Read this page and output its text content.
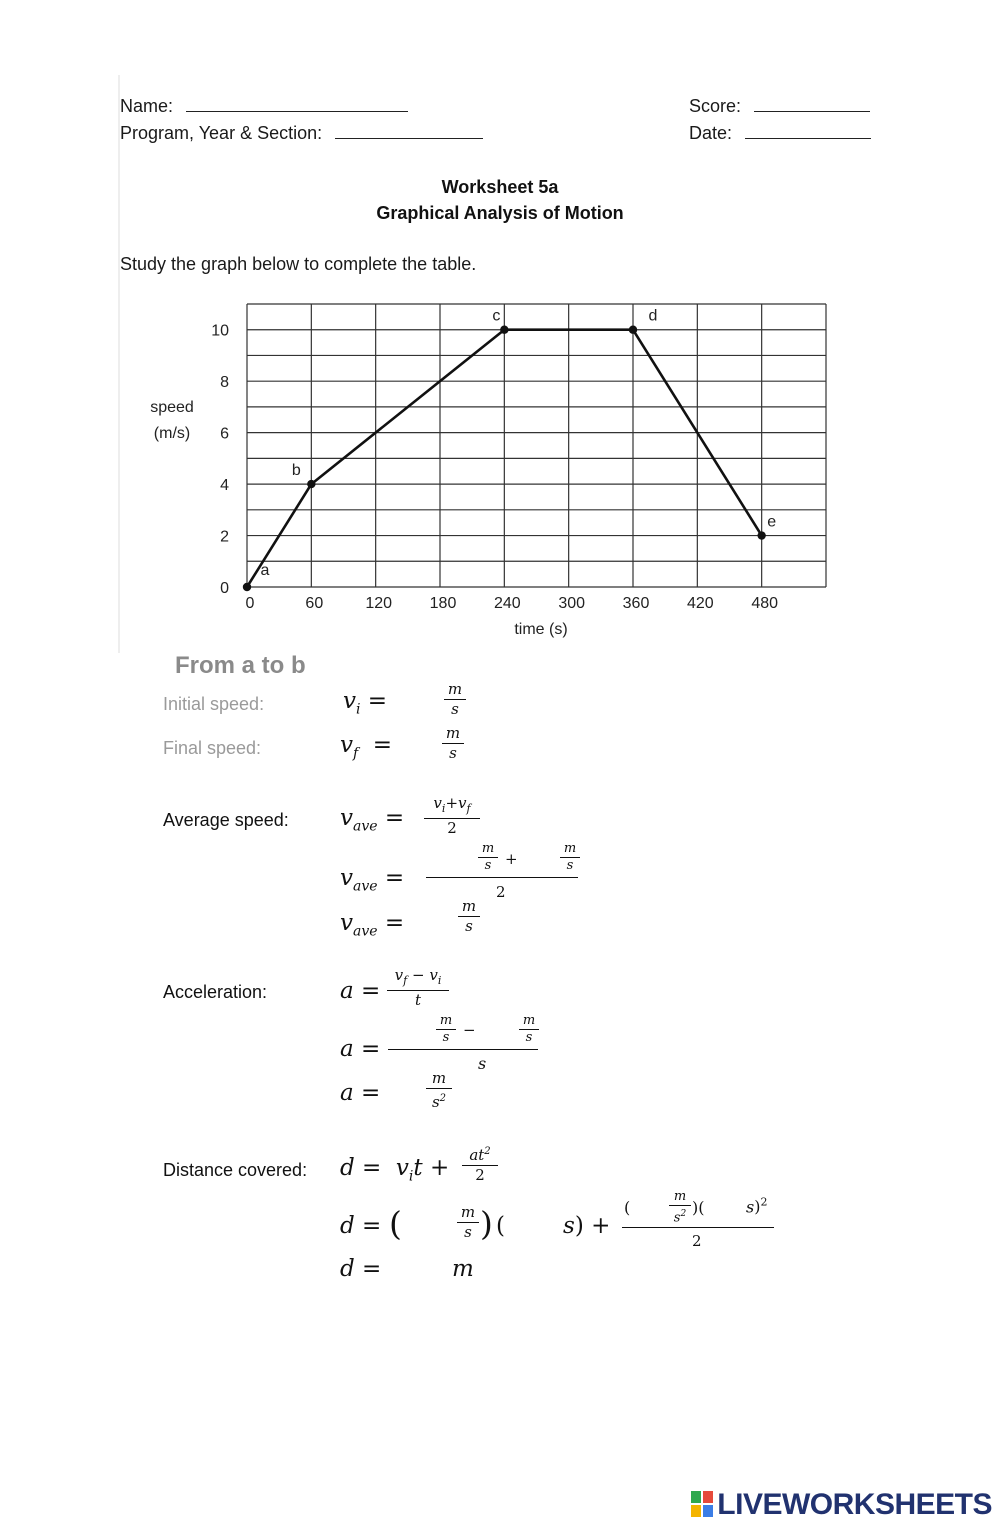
Name:
Program, Year & Section:
Score:
Date:
Worksheet 5a
Graphical Analysis of Motion
Study the graph below to complete the table.
speed
(m/s)
time (s)
0	60	120 180 240 300 360 420 480
0
2
4
6
8
10
a
b
c	d
e
From a to b
Initial speed:	$v_i$ =	m
s
Final speed:	$v_f$  =	m
s
Average speed: $v_{ave}$ =
$v_i+v_f$
2
$v_{ave}$ =
m
s +
m
s
2
$v_{ave}$ =
m
s
Acceleration:	a =
$v_f - v_i$
t
a =
m
s −
m
s
s
a =
m
$s^2$
Distance covered: $d = v_it$ +	$at^2$
2
d = (	m
s ) (	s) +
(
m
$s^2$ )(	s)$^2$
2
d =	m
LIVEWORKSHEETS
